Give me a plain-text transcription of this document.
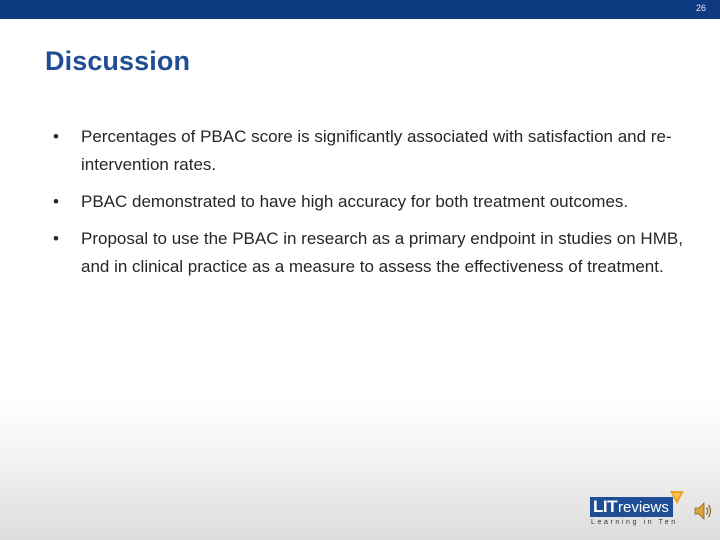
26
Discussion
• Percentages of PBAC score is significantly associated with satisfaction and re-intervention rates.
• PBAC demonstrated to have high accuracy for both treatment outcomes.
• Proposal to use the PBAC in research as a primary endpoint in studies on HMB, and in clinical practice as a measure to assess the effectiveness of treatment.
LIT reviews
Learning in Ten
